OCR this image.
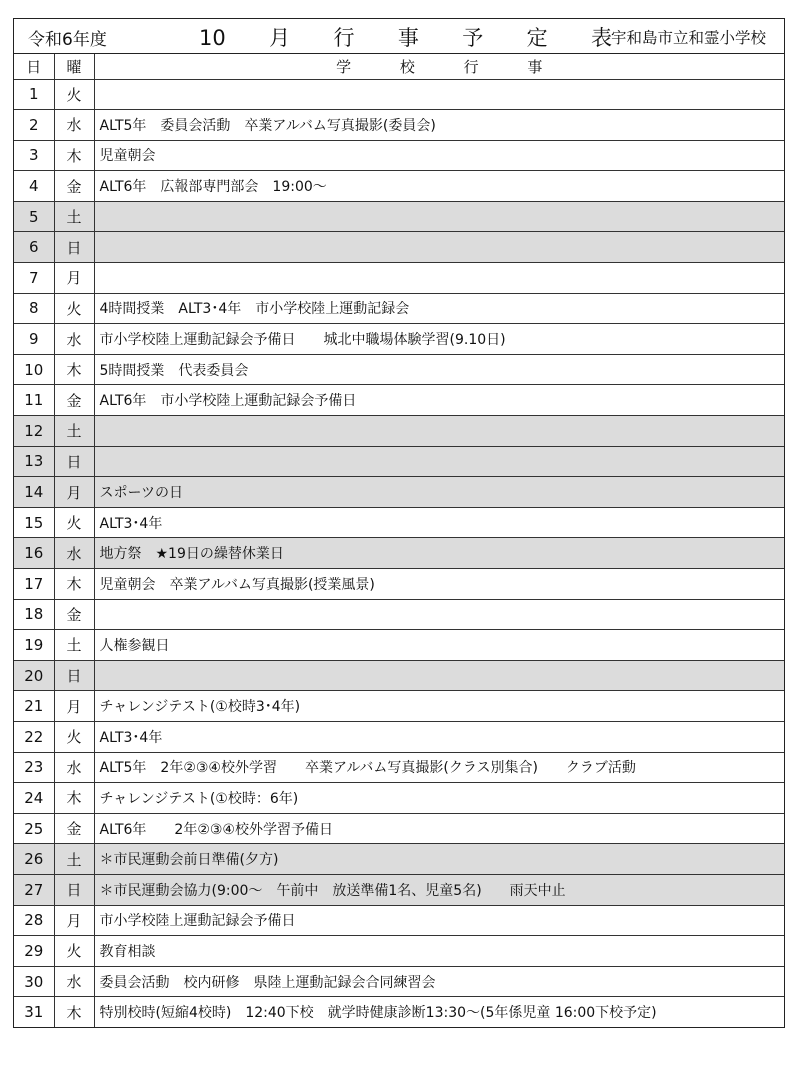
令和6年度	10 月 行 事 予 定 表 宇和島市立和霊小学校
日	曜	学 校 行 事
1	火	
2	水	ALT5年　委員会活動　卒業アルバム写真撮影(委員会)
3	木	児童朝会
4	金	ALT6年　広報部専門部会　19:00～
5	土	
6	日	
7	月	
8	火	4時間授業　ALT3･4年　市小学校陸上運動記録会
9	水	市小学校陸上運動記録会予備日　　城北中職場体験学習(9.10日)
10	木	5時間授業　代表委員会
11	金	ALT6年　市小学校陸上運動記録会予備日
12	土	
13	日	
14	月	スポーツの日
15	火	ALT3･4年
16	水	地方祭　★19日の繰替休業日
17	木	児童朝会　卒業アルバム写真撮影(授業風景)
18	金	
19	土	人権参観日
20	日	
21	月	チャレンジテスト(①校時3･4年)
22	火	ALT3･4年
23	水	ALT5年　2年②③④校外学習　　卒業アルバム写真撮影(クラス別集合)　　クラブ活動
24	木	チャレンジテスト(①校時：6年)
25	金	ALT6年　　2年②③④校外学習予備日
26	土	＊市民運動会前日準備(夕方)
27	日	＊市民運動会協力(9:00～　午前中　放送準備1名、児童5名)　　雨天中止
28	月	市小学校陸上運動記録会予備日
29	火	教育相談
30	水	委員会活動　校内研修　県陸上運動記録会合同練習会
31	木	特別校時(短縮4校時)　12:40下校　就学時健康診断13:30～(5年係児童 16:00下校予定)
